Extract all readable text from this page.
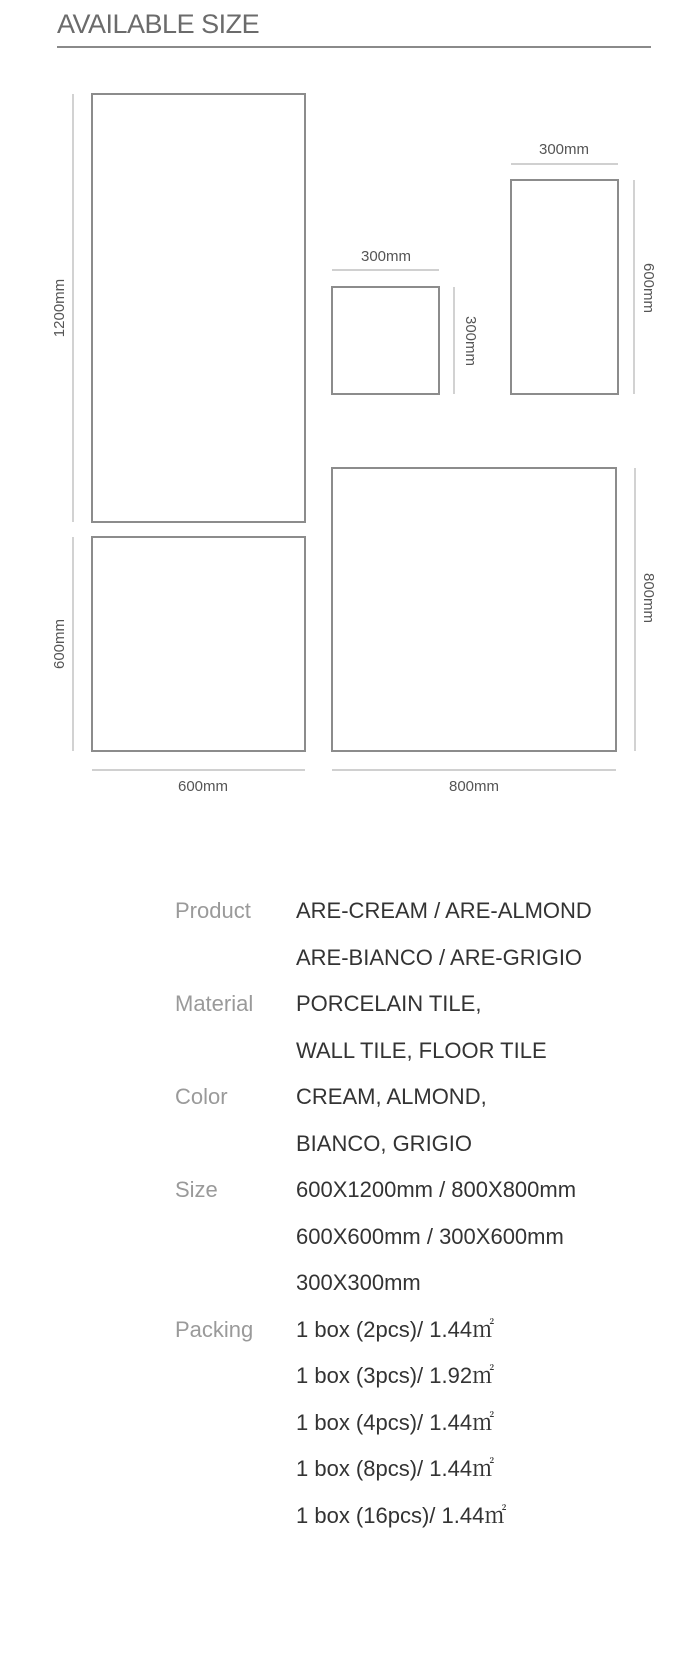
AVAILABLE SIZE
1200mm
600mm
600mm	800mm
800mm
300mm
300mm
300mm
600mm
Product	ARE-CREAM / ARE-ALMOND
ARE-BIANCO / ARE-GRIGIO
Material	PORCELAIN TILE,
WALL TILE, FLOOR TILE
Color	CREAM, ALMOND,
BIANCO, GRIGIO
Size	600X1200mm / 800X800mm
600X600mm / 300X600mm
300X300mm
Packing	1 box (2pcs)/ 1.44㎡
1 box (3pcs)/ 1.92㎡
1 box (4pcs)/ 1.44㎡
1 box (8pcs)/ 1.44㎡
1 box (16pcs)/ 1.44㎡
